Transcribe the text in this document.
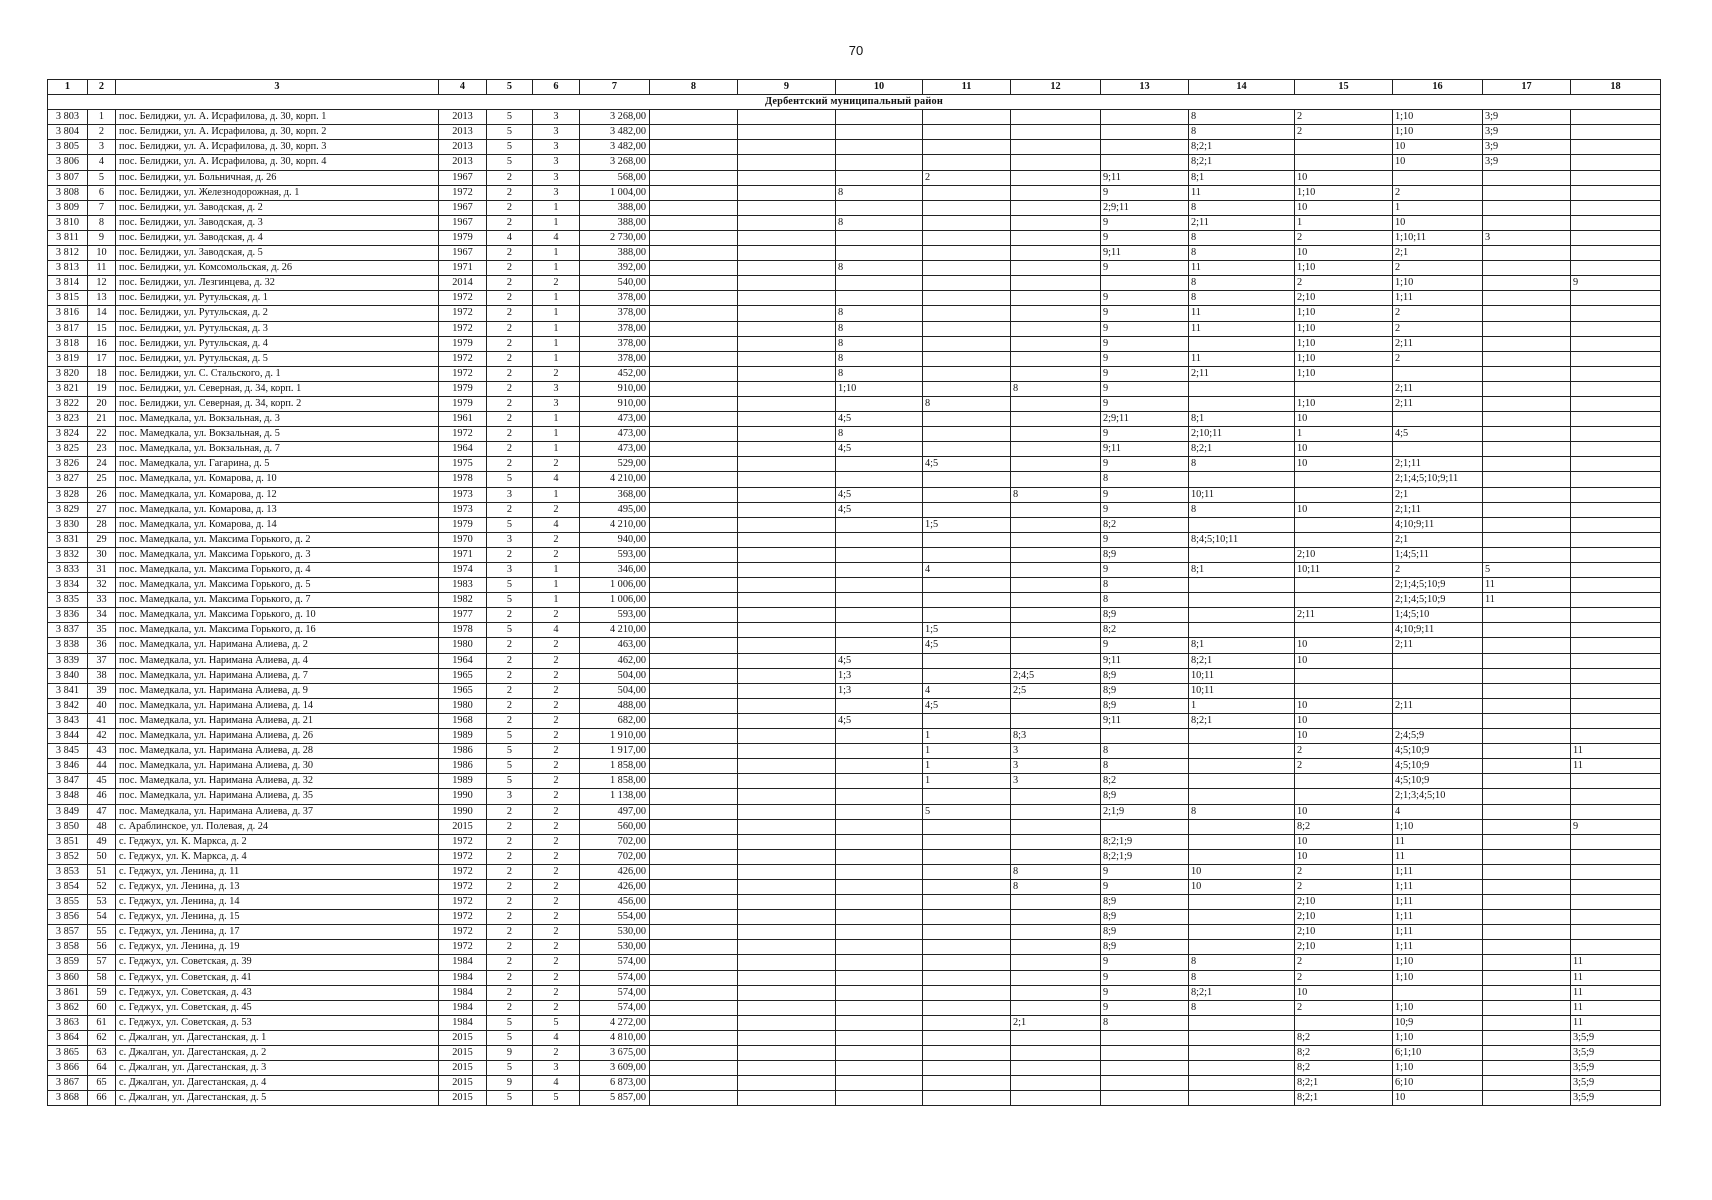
70
1	2	3	4	5	6	7	8	9	10	11	12	13	14	15	16	17	18
Дербентский муниципальный район																	
3 803	1	пос. Белиджи, ул. А. Исрафилова, д. 30, корп. 1	2013	5	3	3 268,00							8	2	1;10	3;9	
3 804	2	пос. Белиджи, ул. А. Исрафилова, д. 30, корп. 2	2013	5	3	3 482,00							8	2	1;10	3;9	
3 805	3	пос. Белиджи, ул. А. Исрафилова, д. 30, корп. 3	2013	5	3	3 482,00							8;2;1		10	3;9	
3 806	4	пос. Белиджи, ул. А. Исрафилова, д. 30, корп. 4	2013	5	3	3 268,00							8;2;1		10	3;9	
3 807	5	пос. Белиджи, ул. Больничная, д. 26	1967	2	3	568,00				2		9;11	8;1	10			
3 808	6	пос. Белиджи, ул. Железнодорожная, д. 1	1972	2	3	1 004,00			8			9	11	1;10	2		
3 809	7	пос. Белиджи, ул. Заводская, д. 2	1967	2	1	388,00						2;9;11	8	10	1		
3 810	8	пос. Белиджи, ул. Заводская, д. 3	1967	2	1	388,00			8			9	2;11	1	10		
3 811	9	пос. Белиджи, ул. Заводская, д. 4	1979	4	4	2 730,00						9	8	2	1;10;11	3	
3 812	10	пос. Белиджи, ул. Заводская, д. 5	1967	2	1	388,00						9;11	8	10	2;1		
3 813	11	пос. Белиджи, ул. Комсомольская, д. 26	1971	2	1	392,00			8			9	11	1;10	2		
3 814	12	пос. Белиджи, ул. Лезгинцева, д. 32	2014	2	2	540,00							8	2	1;10		9
3 815	13	пос. Белиджи, ул. Рутульская, д. 1	1972	2	1	378,00						9	8	2;10	1;11		
3 816	14	пос. Белиджи, ул. Рутульская, д. 2	1972	2	1	378,00			8			9	11	1;10	2		
3 817	15	пос. Белиджи, ул. Рутульская, д. 3	1972	2	1	378,00			8			9	11	1;10	2		
3 818	16	пос. Белиджи, ул. Рутульская, д. 4	1979	2	1	378,00			8			9		1;10	2;11		
3 819	17	пос. Белиджи, ул. Рутульская, д. 5	1972	2	1	378,00			8			9	11	1;10	2		
3 820	18	пос. Белиджи, ул. С. Стальского, д. 1	1972	2	2	452,00			8			9	2;11	1;10			
3 821	19	пос. Белиджи, ул. Северная, д. 34, корп. 1	1979	2	3	910,00			1;10		8	9			2;11		
3 822	20	пос. Белиджи, ул. Северная, д. 34, корп. 2	1979	2	3	910,00				8		9		1;10	2;11		
3 823	21	пос. Мамедкала, ул. Вокзальная, д. 3	1961	2	1	473,00			4;5			2;9;11	8;1	10			
3 824	22	пос. Мамедкала, ул. Вокзальная, д. 5	1972	2	1	473,00			8			9	2;10;11	1	4;5		
3 825	23	пос. Мамедкала, ул. Вокзальная, д. 7	1964	2	1	473,00			4;5			9;11	8;2;1	10			
3 826	24	пос. Мамедкала, ул. Гагарина, д. 5	1975	2	2	529,00				4;5		9	8	10	2;1;11		
3 827	25	пос. Мамедкала, ул. Комарова, д. 10	1978	5	4	4 210,00						8			2;1;4;5;10;9;11		
3 828	26	пос. Мамедкала, ул. Комарова, д. 12	1973	3	1	368,00			4;5		8	9	10;11		2;1		
3 829	27	пос. Мамедкала, ул. Комарова, д. 13	1973	2	2	495,00			4;5			9	8	10	2;1;11		
3 830	28	пос. Мамедкала, ул. Комарова, д. 14	1979	5	4	4 210,00				1;5		8;2			4;10;9;11		
3 831	29	пос. Мамедкала, ул. Максима Горького, д. 2	1970	3	2	940,00						9	8;4;5;10;11		2;1		
3 832	30	пос. Мамедкала, ул. Максима Горького, д. 3	1971	2	2	593,00						8;9		2;10	1;4;5;11		
3 833	31	пос. Мамедкала, ул. Максима Горького, д. 4	1974	3	1	346,00				4		9	8;1	10;11	2	5	
3 834	32	пос. Мамедкала, ул. Максима Горького, д. 5	1983	5	1	1 006,00						8			2;1;4;5;10;9	11	
3 835	33	пос. Мамедкала, ул. Максима Горького, д. 7	1982	5	1	1 006,00						8			2;1;4;5;10;9	11	
3 836	34	пос. Мамедкала, ул. Максима Горького, д. 10	1977	2	2	593,00						8;9		2;11	1;4;5;10		
3 837	35	пос. Мамедкала, ул. Максима Горького, д. 16	1978	5	4	4 210,00				1;5		8;2			4;10;9;11		
3 838	36	пос. Мамедкала, ул. Наримана Алиева, д. 2	1980	2	2	463,00				4;5		9	8;1	10	2;11		
3 839	37	пос. Мамедкала, ул. Наримана Алиева, д. 4	1964	2	2	462,00			4;5			9;11	8;2;1	10			
3 840	38	пос. Мамедкала, ул. Наримана Алиева, д. 7	1965	2	2	504,00			1;3		2;4;5	8;9	10;11				
3 841	39	пос. Мамедкала, ул. Наримана Алиева, д. 9	1965	2	2	504,00			1;3	4	2;5	8;9	10;11				
3 842	40	пос. Мамедкала, ул. Наримана Алиева, д. 14	1980	2	2	488,00				4;5		8;9	1	10	2;11		
3 843	41	пос. Мамедкала, ул. Наримана Алиева, д. 21	1968	2	2	682,00			4;5			9;11	8;2;1	10			
3 844	42	пос. Мамедкала, ул. Наримана Алиева, д. 26	1989	5	2	1 910,00				1	8;3			10	2;4;5;9		
3 845	43	пос. Мамедкала, ул. Наримана Алиева, д. 28	1986	5	2	1 917,00				1	3	8		2	4;5;10;9		11
3 846	44	пос. Мамедкала, ул. Наримана Алиева, д. 30	1986	5	2	1 858,00				1	3	8		2	4;5;10;9		11
3 847	45	пос. Мамедкала, ул. Наримана Алиева, д. 32	1989	5	2	1 858,00				1	3	8;2			4;5;10;9		
3 848	46	пос. Мамедкала, ул. Наримана Алиева, д. 35	1990	3	2	1 138,00						8;9			2;1;3;4;5;10		
3 849	47	пос. Мамедкала, ул. Наримана Алиева, д. 37	1990	2	2	497,00				5		2;1;9	8	10	4		
3 850	48	с. Араблинское, ул. Полевая, д. 24	2015	2	2	560,00								8;2	1;10		9
3 851	49	с. Геджух, ул. К. Маркса, д. 2	1972	2	2	702,00						8;2;1;9		10	11		
3 852	50	с. Геджух, ул. К. Маркса, д. 4	1972	2	2	702,00						8;2;1;9		10	11		
3 853	51	с. Геджух, ул. Ленина, д. 11	1972	2	2	426,00					8	9	10	2	1;11		
3 854	52	с. Геджух, ул. Ленина, д. 13	1972	2	2	426,00					8	9	10	2	1;11		
3 855	53	с. Геджух, ул. Ленина, д. 14	1972	2	2	456,00						8;9		2;10	1;11		
3 856	54	с. Геджух, ул. Ленина, д. 15	1972	2	2	554,00						8;9		2;10	1;11		
3 857	55	с. Геджух, ул. Ленина, д. 17	1972	2	2	530,00						8;9		2;10	1;11		
3 858	56	с. Геджух, ул. Ленина, д. 19	1972	2	2	530,00						8;9		2;10	1;11		
3 859	57	с. Геджух, ул. Советская, д. 39	1984	2	2	574,00						9	8	2	1;10		11
3 860	58	с. Геджух, ул. Советская, д. 41	1984	2	2	574,00						9	8	2	1;10		11
3 861	59	с. Геджух, ул. Советская, д. 43	1984	2	2	574,00						9	8;2;1	10			11
3 862	60	с. Геджух, ул. Советская, д. 45	1984	2	2	574,00						9	8	2	1;10		11
3 863	61	с. Геджух, ул. Советская, д. 53	1984	5	5	4 272,00					2;1	8			10;9		11
3 864	62	с. Джалган, ул. Дагестанская, д. 1	2015	5	4	4 810,00								8;2	1;10		3;5;9
3 865	63	с. Джалган, ул. Дагестанская, д. 2	2015	9	2	3 675,00								8;2	6;1;10		3;5;9
3 866	64	с. Джалган, ул. Дагестанская, д. 3	2015	5	3	3 609,00								8;2	1;10		3;5;9
3 867	65	с. Джалган, ул. Дагестанская, д. 4	2015	9	4	6 873,00								8;2;1	6;10		3;5;9
3 868	66	с. Джалган, ул. Дагестанская, д. 5	2015	5	5	5 857,00								8;2;1	10		3;5;9
